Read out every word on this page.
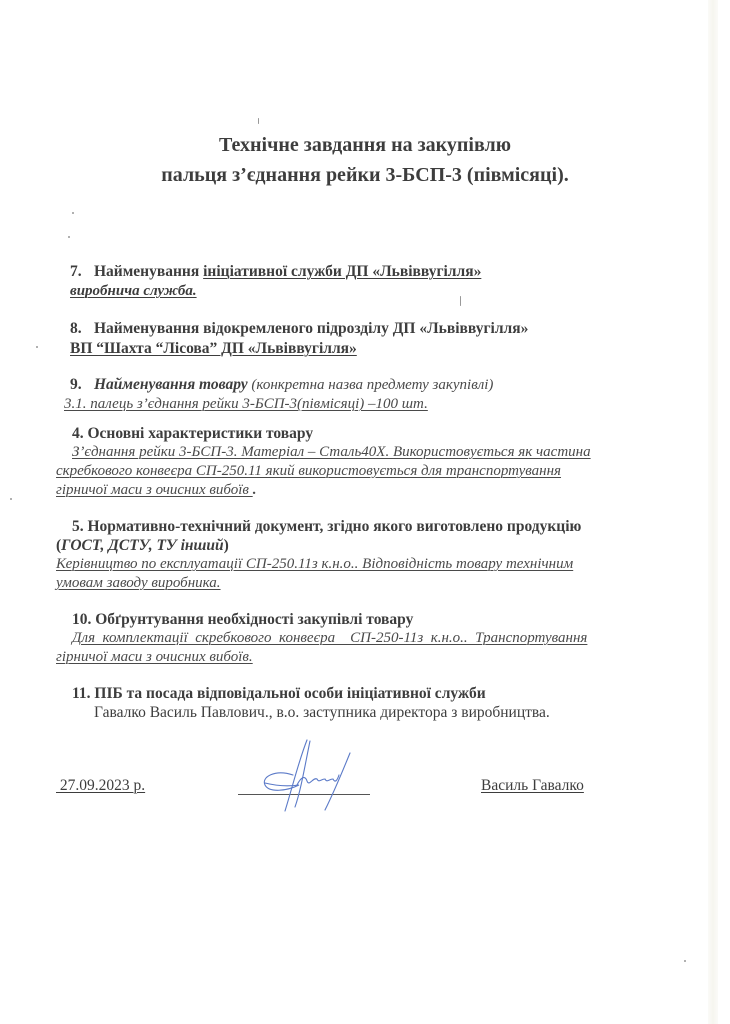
Технічне завдання на закупівлю
пальця з’єднання рейки 3-БСП-3 (півмісяці).
7. Найменування ініціативної служби ДП «Львіввугілля»
виробнича служба.
8. Найменування відокремленого підрозділу ДП «Львіввугілля»
ВП “Шахта “Лісова” ДП «Львіввугілля»
9. Найменування товару (конкретна назва предмету закупівлі)
3.1. палець з’єднання рейки 3-БСП-3(півмісяці) –100 шт.
4. Основні характеристики товару
З’єднання рейки 3-БСП-3. Матеріал – Сталь40Х. Використовується як частина
скребкового конвеєра СП-250.11 який використовується для транспортування
гірничої маси з очисних вибоїв .
5. Нормативно-технічний документ, згідно якого виготовлено продукцію
(ГОСТ, ДСТУ, ТУ інший)
Керівництво по експлуатації СП-250.11з к.н.о.. Відповідність товару технічним
умовам заводу виробника.
10. Обґрунтування необхідності закупівлі товару
Для  комплектації  скребкового  конвеєра    СП-250-11з  к.н.о..  Транспортування
гірничої маси з очисних вибоїв.
11. ПІБ та посада відповідальної особи ініціативної служби
Гавалко Василь Павлович., в.о. заступника директора з виробництва.
27.09.2023 р.	Василь Гавалко
